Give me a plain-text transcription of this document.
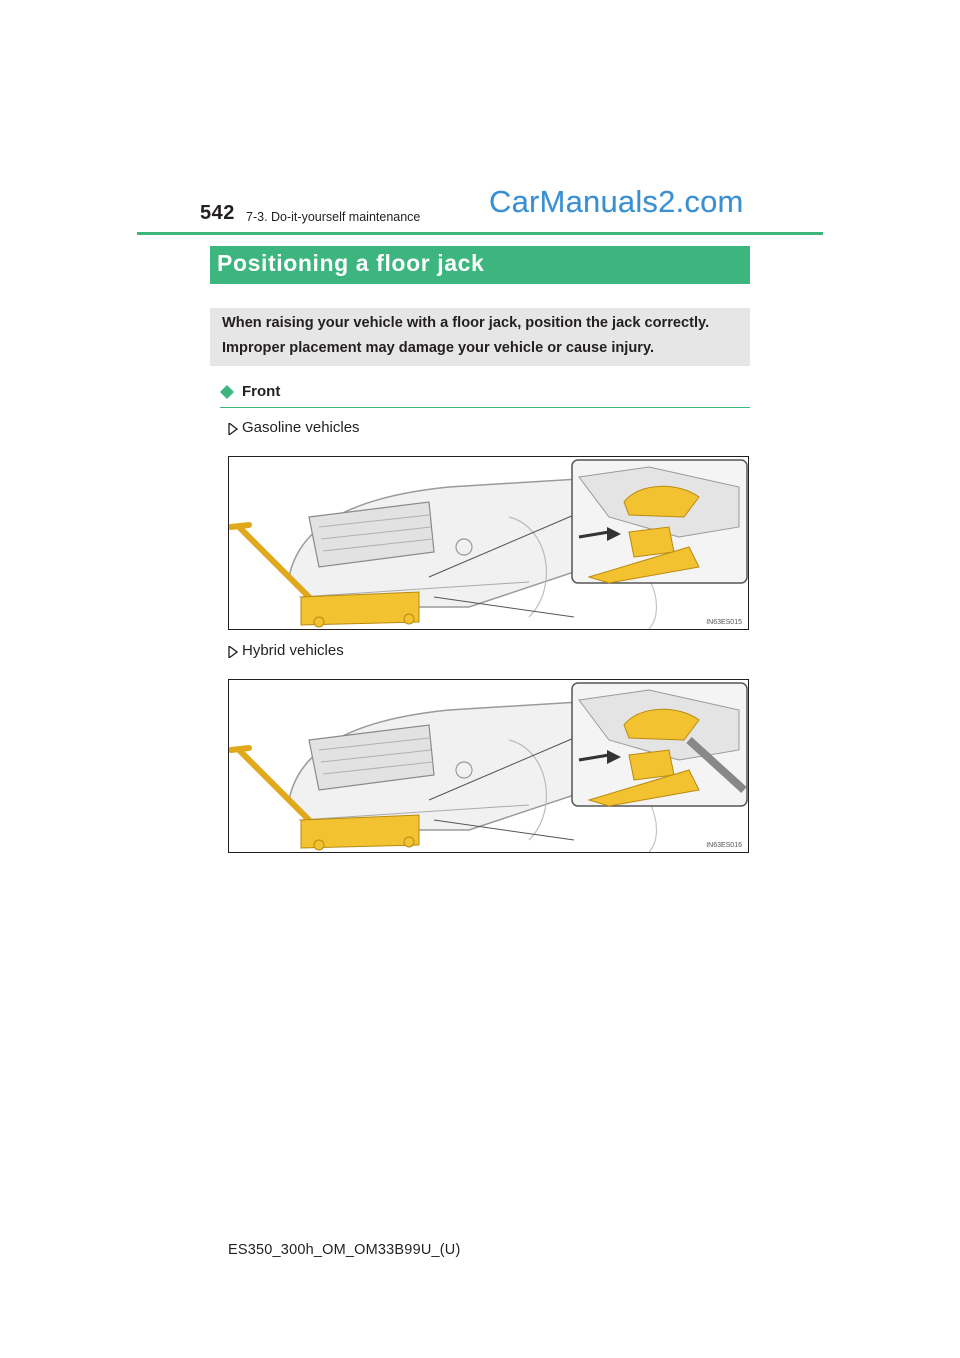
542 7-3. Do-it-yourself maintenance CarManuals2.com
Positioning a floor jack
When raising your vehicle with a floor jack, position the jack correctly.
Improper placement may damage your vehicle or cause injury.
Front
Gasoline vehicles
IN63ES015
Hybrid vehicles
IN63ES016
ES350_300h_OM_OM33B99U_(U)
